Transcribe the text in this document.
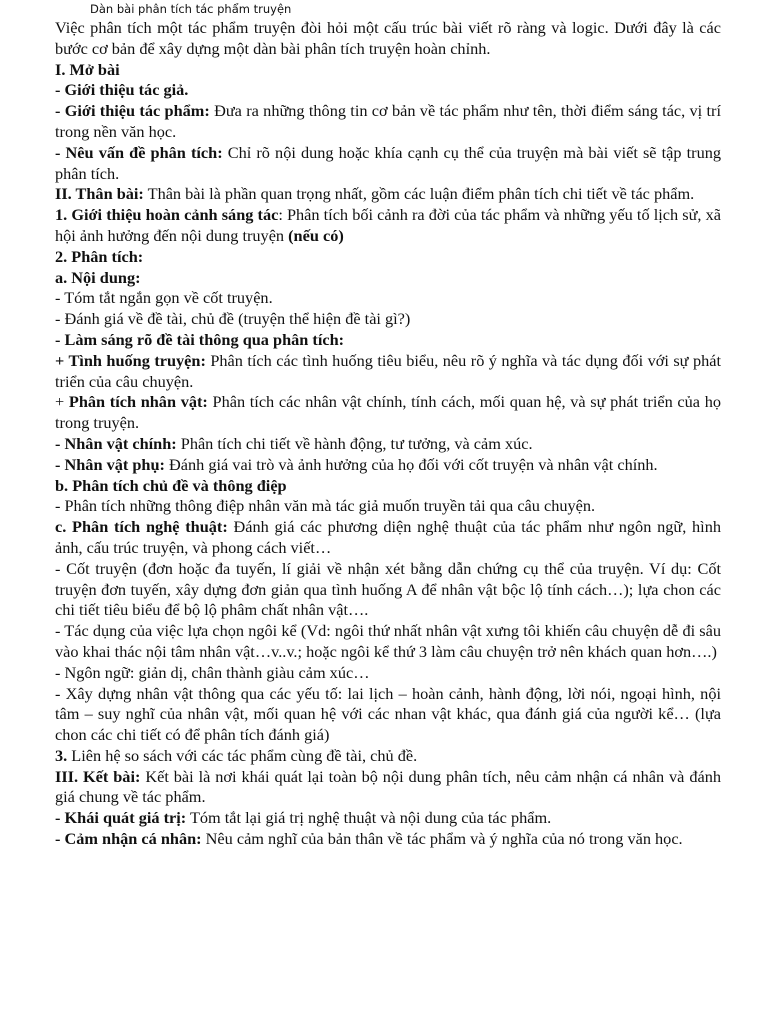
Dàn bài phân tích tác phẩm truyện

Việc phân tích một tác phẩm truyện đòi hỏi một cấu trúc bài viết rõ ràng và logic. Dưới đây là các bước cơ bản để xây dựng một dàn bài phân tích truyện hoàn chỉnh.

I. Mở bài

- Giới thiệu tác giả.

- Giới thiệu tác phẩm: Đưa ra những thông tin cơ bản về tác phẩm như tên, thời điểm sáng tác, vị trí trong nền văn học.

- Nêu vấn đề phân tích: Chỉ rõ nội dung hoặc khía cạnh cụ thể của truyện mà bài viết sẽ tập trung phân tích.

II. Thân bài: Thân bài là phần quan trọng nhất, gồm các luận điểm phân tích chi tiết về tác phẩm.

1. Giới thiệu hoàn cảnh sáng tác: Phân tích bối cảnh ra đời của tác phẩm và những yếu tố lịch sử, xã hội ảnh hưởng đến nội dung truyện (nếu có)

2. Phân tích:

a. Nội dung:

- Tóm tắt ngắn gọn về cốt truyện.

- Đánh giá về đề tài, chủ đề (truyện thể hiện đề tài gì?)

- Làm sáng rõ đề tài thông qua phân tích:

+ Tình huống truyện: Phân tích các tình huống tiêu biểu, nêu rõ ý nghĩa và tác dụng đối với sự phát triển của câu chuyện.

+ Phân tích nhân vật: Phân tích các nhân vật chính, tính cách, mối quan hệ, và sự phát triển của họ trong truyện.

- Nhân vật chính: Phân tích chi tiết về hành động, tư tưởng, và cảm xúc.

- Nhân vật phụ: Đánh giá vai trò và ảnh hưởng của họ đối với cốt truyện và nhân vật chính.

b. Phân tích chủ đề và thông điệp

- Phân tích những thông điệp nhân văn mà tác giả muốn truyền tải qua câu chuyện.

c. Phân tích nghệ thuật: Đánh giá các phương diện nghệ thuật của tác phẩm như ngôn ngữ, hình ảnh, cấu trúc truyện, và phong cách viết…

- Cốt truyện (đơn hoặc đa tuyến, lí giải về nhận xét bằng dẫn chứng cụ thể của truyện. Ví dụ: Cốt truyện đơn tuyến, xây dựng đơn giản qua tình huống A để nhân vật bộc lộ tính cách…); lựa chon các chi tiết tiêu biểu để bộ lộ phâm chất nhân vật….

- Tác dụng của việc lựa chọn ngôi kể (Vd: ngôi thứ nhất nhân vật xưng tôi khiến câu chuyện dễ đi sâu vào khai thác nội tâm nhân vật…v..v.; hoặc ngôi kể thứ 3 làm câu chuyện trở nên khách quan hơn….)

- Ngôn ngữ: giản dị, chân thành giàu cảm xúc…

- Xây dựng nhân vật thông qua các yếu tố: lai lịch – hoàn cảnh, hành động, lời nói, ngoại hình, nội tâm – suy nghĩ của nhân vật, mối quan hệ với các nhan vật khác, qua đánh giá của người kể… (lựa chon các chi tiết có để phân tích đánh giá)

3. Liên hệ so sách với các tác phẩm cùng đề tài, chủ đề.

III. Kết bài: Kết bài là nơi khái quát lại toàn bộ nội dung phân tích, nêu cảm nhận cá nhân và đánh giá chung về tác phẩm.

- Khái quát giá trị: Tóm tắt lại giá trị nghệ thuật và nội dung của tác phẩm.

- Cảm nhận cá nhân: Nêu cảm nghĩ của bản thân về tác phẩm và ý nghĩa của nó trong văn học.
